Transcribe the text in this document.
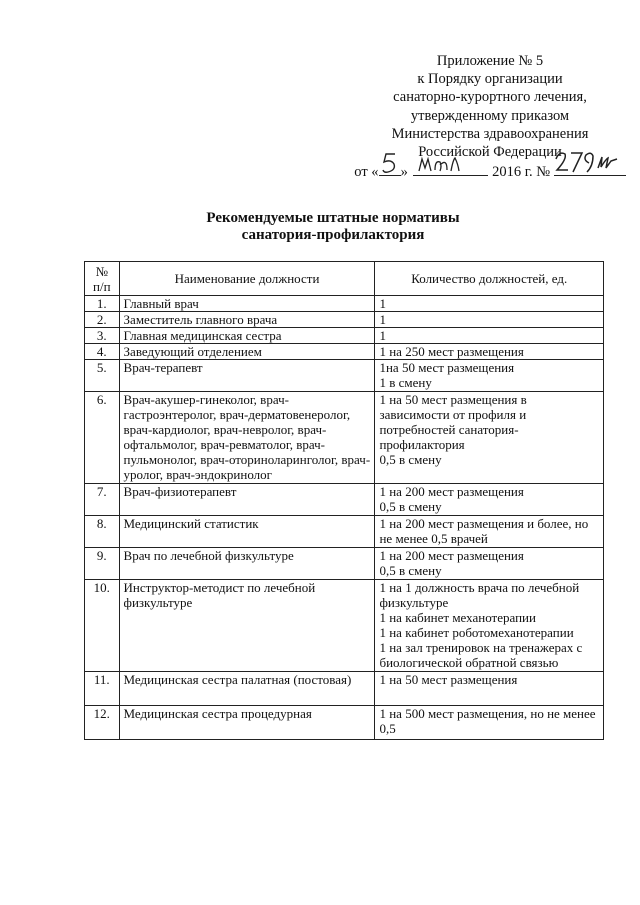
Приложение № 5
к Порядку организации
санаторно-курортного лечения,
утвержденному приказом
Министерства здравоохранения
Российской Федерации
от « »	2016 г. №
Рекомендуемые штатные нормативы
санатория-профилактория
№ п/п	Наименование должности	Количество должностей, ед.
1.	Главный врач	1

2.	Заместитель главного врача	1

3.	Главная медицинская сестра	1

4.	Заведующий отделением	1 на 250 мест размещения

5.	Врач-терапевт	1на 50 мест размещения
1 в смену

6.	Врач-акушер-гинеколог, врач-гастроэнтеролог, врач-дерматовенеролог, врач-кардиолог, врач-невролог, врач-офтальмолог, врач-ревматолог, врач-пульмонолог, врач-оториноларинголог, врач-уролог, врач-эндокринолог	1 на 50 мест размещения в зависимости от профиля и потребностей санатория-профилактория
0,5 в смену

7.	Врач-физиотерапевт	1 на 200 мест размещения
0,5 в смену

8.	Медицинский статистик	1 на 200 мест размещения и более, но не менее 0,5 врачей

9.	Врач по лечебной физкультуре	1 на 200 мест размещения
0,5 в смену

10.	Инструктор-методист по лечебной физкультуре	1 на 1 должность врача по лечебной физкультуре
1 на кабинет механотерапии
1 на кабинет роботомеханотерапии
1 на зал тренировок на тренажерах с биологической обратной связью

11.	Медицинская сестра палатная (постовая)	1 на 50 мест размещения

12.	Медицинская сестра процедурная	1 на 500 мест размещения, но не менее 0,5
